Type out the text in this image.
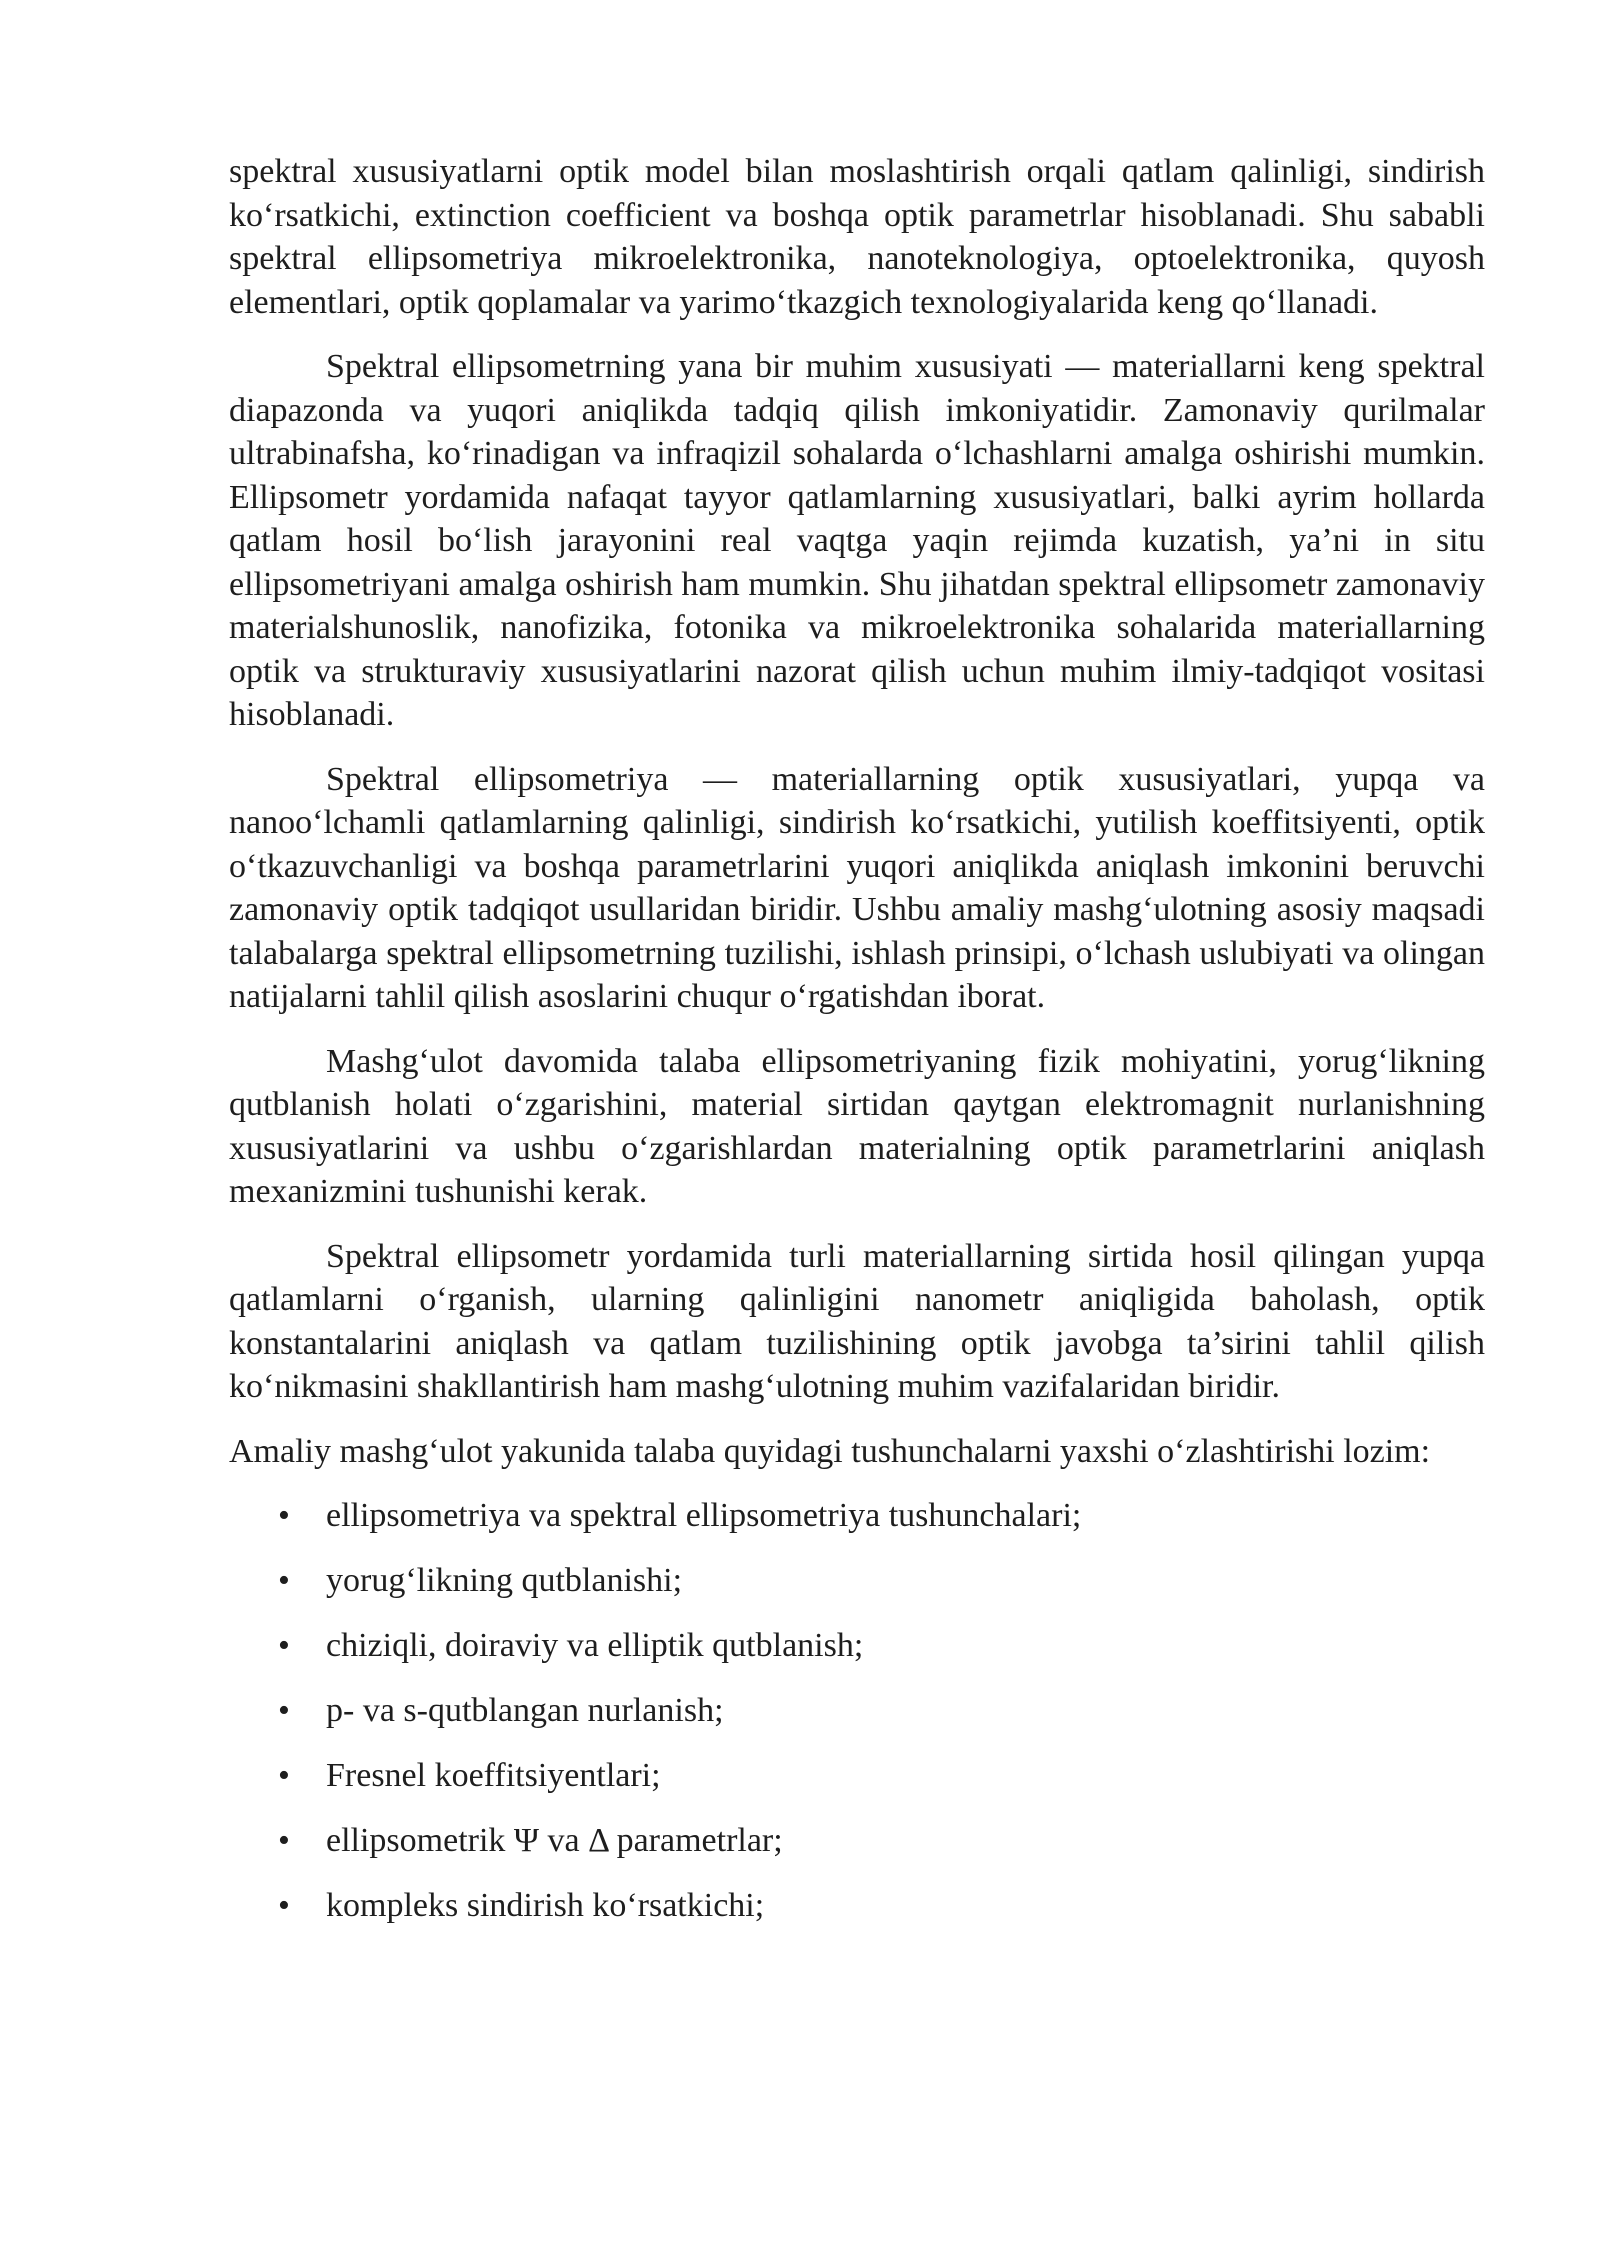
spektral xususiyatlarni optik model bilan moslashtirish orqali qatlam qalinligi, sindirish ko‘rsatkichi, extinction coefficient va boshqa optik parametrlar hisoblanadi. Shu sababli spektral ellipsometriya mikroelektronika, nanoteknologiya, optoelektronika, quyosh elementlari, optik qoplamalar va yarimo‘tkazgich texnologiyalarida keng qo‘llanadi.

Spektral ellipsometrning yana bir muhim xususiyati — materiallarni keng spektral diapazonda va yuqori aniqlikda tadqiq qilish imkoniyatidir. Zamonaviy qurilmalar ultrabinafsha, ko‘rinadigan va infraqizil sohalarda o‘lchashlarni amalga oshirishi mumkin. Ellipsometr yordamida nafaqat tayyor qatlamlarning xususiyatlari, balki ayrim hollarda qatlam hosil bo‘lish jarayonini real vaqtga yaqin rejimda kuzatish, ya’ni in situ ellipsometriyani amalga oshirish ham mumkin. Shu jihatdan spektral ellipsometr zamonaviy materialshunoslik, nanofizika, fotonika va mikroelektronika sohalarida materiallarning optik va strukturaviy xususiyatlarini nazorat qilish uchun muhim ilmiy-tadqiqot vositasi hisoblanadi.

Spektral ellipsometriya — materiallarning optik xususiyatlari, yupqa va nanoo‘lchamli qatlamlarning qalinligi, sindirish ko‘rsatkichi, yutilish koeffitsiyenti, optik o‘tkazuvchanligi va boshqa parametrlarini yuqori aniqlikda aniqlash imkonini beruvchi zamonaviy optik tadqiqot usullaridan biridir. Ushbu amaliy mashg‘ulotning asosiy maqsadi talabalarga spektral ellipsometrning tuzilishi, ishlash prinsipi, o‘lchash uslubiyati va olingan natijalarni tahlil qilish asoslarini chuqur o‘rgatishdan iborat.

Mashg‘ulot davomida talaba ellipsometriyaning fizik mohiyatini, yorug‘likning qutblanish holati o‘zgarishini, material sirtidan qaytgan elektromagnit nurlanishning xususiyatlarini va ushbu o‘zgarishlardan materialning optik parametrlarini aniqlash mexanizmini tushunishi kerak.

Spektral ellipsometr yordamida turli materiallarning sirtida hosil qilingan yupqa qatlamlarni o‘rganish, ularning qalinligini nanometr aniqligida baholash, optik konstantalarini aniqlash va qatlam tuzilishining optik javobga ta’sirini tahlil qilish ko‘nikmasini shakllantirish ham mashg‘ulotning muhim vazifalaridan biridir.

Amaliy mashg‘ulot yakunida talaba quyidagi tushunchalarni yaxshi o‘zlashtirishi lozim:

• ellipsometriya va spektral ellipsometriya tushunchalari;
• yorug‘likning qutblanishi;
• chiziqli, doiraviy va elliptik qutblanish;
• p- va s-qutblangan nurlanish;
• Fresnel koeffitsiyentlari;
• ellipsometrik Ψ va Δ parametrlar;
• kompleks sindirish ko‘rsatkichi;
